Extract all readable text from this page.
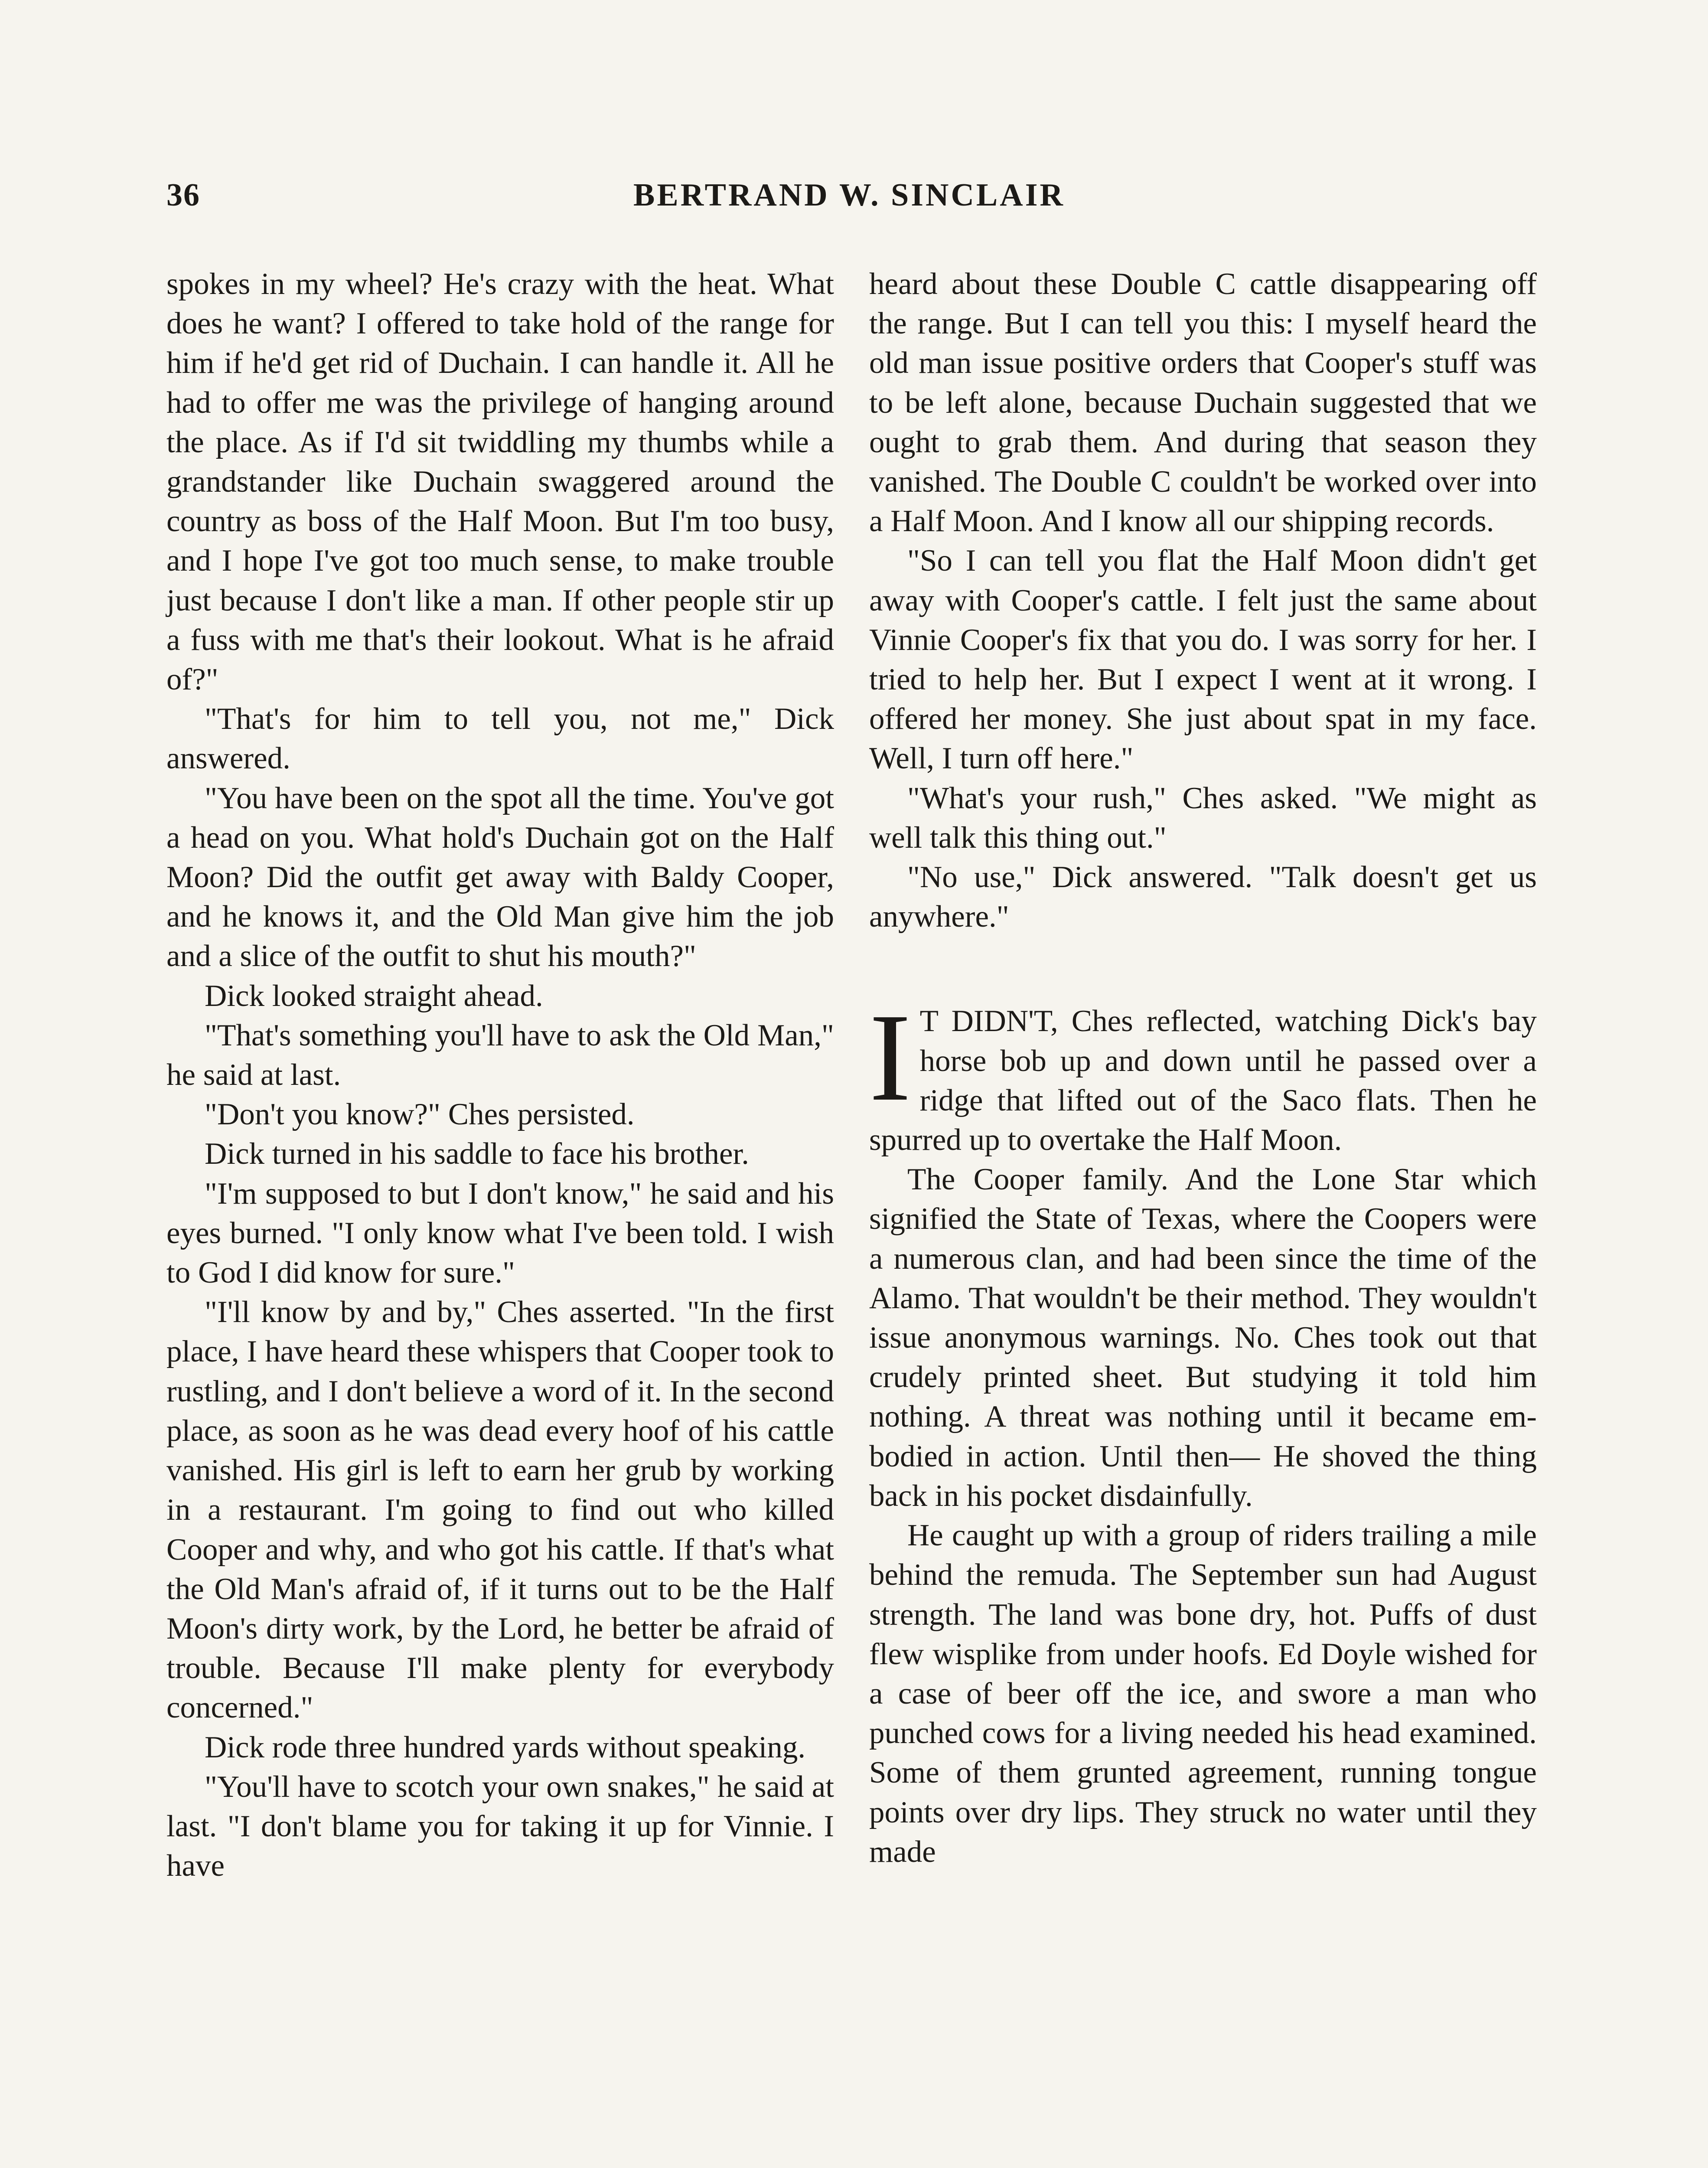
36	BERTRAND W. SINCLAIR

spokes in my wheel? He's crazy with the heat. What does he want? I offered to take hold of the range for him if he'd get rid of Duchain. I can handle it. All he had to offer me was the privilege of hanging around the place. As if I'd sit twiddling my thumbs while a grandstander like Duchain swaggered around the country as boss of the Half Moon. But I'm too busy, and I hope I've got too much sense, to make trouble just because I don't like a man. If other people stir up a fuss with me that's their lookout. What is he afraid of?"

"That's for him to tell you, not me," Dick answered.

"You have been on the spot all the time. You've got a head on you. What hold's Duchain got on the Half Moon? Did the outfit get away with Baldy Cooper, and he knows it, and the Old Man give him the job and a slice of the outfit to shut his mouth?"

Dick looked straight ahead.

"That's something you'll have to ask the Old Man," he said at last.

"Don't you know?" Ches persisted.

Dick turned in his saddle to face his brother.

"I'm supposed to but I don't know," he said and his eyes burned. "I only know what I've been told. I wish to God I did know for sure."

"I'll know by and by," Ches asserted. "In the first place, I have heard these whispers that Cooper took to rustling, and I don't believe a word of it. In the second place, as soon as he was dead every hoof of his cattle vanished. His girl is left to earn her grub by working in a restaurant. I'm going to find out who killed Cooper and why, and who got his cattle. If that's what the Old Man's afraid of, if it turns out to be the Half Moon's dirty work, by the Lord, he better be afraid of trouble. Because I'll make plenty for everybody concerned."

Dick rode three hundred yards without speaking.

"You'll have to scotch your own snakes," he said at last. "I don't blame you for taking it up for Vinnie. I have

heard about these Double C cattle disappearing off the range. But I can tell you this: I myself heard the old man issue positive orders that Cooper's stuff was to be left alone, because Duchain suggested that we ought to grab them. And during that season they vanished. The Double C couldn't be worked over into a Half Moon. And I know all our shipping records.

"So I can tell you flat the Half Moon didn't get away with Cooper's cattle. I felt just the same about Vinnie Cooper's fix that you do. I was sorry for her. I tried to help her. But I expect I went at it wrong. I offered her money. She just about spat in my face. Well, I turn off here."

"What's your rush," Ches asked. "We might as well talk this thing out."

"No use," Dick answered. "Talk doesn't get us anywhere."

I T DIDN'T, Ches reflected, watching Dick's bay horse bob up and down until he passed over a ridge that lifted out of the Saco flats. Then he spurred up to overtake the Half Moon.

The Cooper family. And the Lone Star which signified the State of Texas, where the Coopers were a numerous clan, and had been since the time of the Alamo. That wouldn't be their method. They wouldn't issue anonymous warnings. No. Ches took out that crudely printed sheet. But studying it told him nothing. A threat was nothing until it became embodied in action. Until then— He shoved the thing back in his pocket disdainfully.

He caught up with a group of riders trailing a mile behind the remuda. The September sun had August strength. The land was bone dry, hot. Puffs of dust flew wisplike from under hoofs. Ed Doyle wished for a case of beer off the ice, and swore a man who punched cows for a living needed his head examined. Some of them grunted agreement, running tongue points over dry lips. They struck no water until they made
